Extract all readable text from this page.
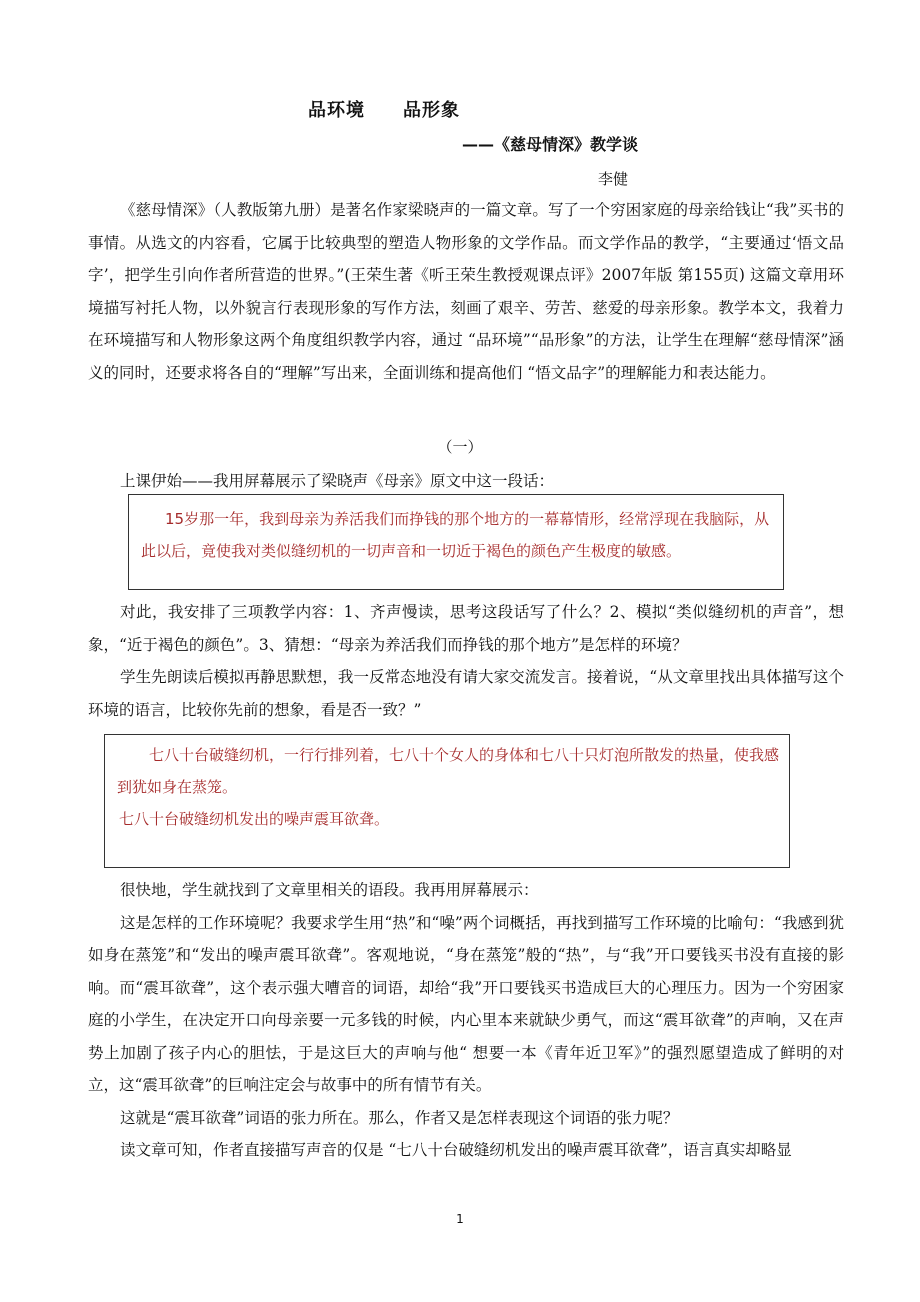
品环境　　品形象
——《慈母情深》教学谈
李健

《慈母情深》（人教版第九册）是著名作家梁晓声的一篇文章。写了一个穷困家庭的母亲给钱让“我”买书的事情。从选文的内容看，它属于比较典型的塑造人物形象的文学作品。而文学作品的教学，“主要通过‘悟文品字’，把学生引向作者所营造的世界。”(王荣生著《听王荣生教授观课点评》2007年版 第155页) 这篇文章用环境描写衬托人物，以外貌言行表现形象的写作方法，刻画了艰辛、劳苦、慈爱的母亲形象。教学本文，我着力在环境描写和人物形象这两个角度组织教学内容，通过 “品环境”“品形象”的方法，让学生在理解“慈母情深”涵义的同时，还要求将各自的“理解”写出来，全面训练和提高他们 “悟文品字”的理解能力和表达能力。

（一）

上课伊始——我用屏幕展示了梁晓声《母亲》原文中这一段话：

15岁那一年，我到母亲为养活我们而挣钱的那个地方的一幕幕情形，经常浮现在我脑际，从此以后，竟使我对类似缝纫机的一切声音和一切近于褐色的颜色产生极度的敏感。

对此，我安排了三项教学内容：1、齐声慢读，思考这段话写了什么？2、模拟“类似缝纫机的声音”，想象，“近于褐色的颜色”。3、猜想：“母亲为养活我们而挣钱的那个地方”是怎样的环境？

学生先朗读后模拟再静思默想，我一反常态地没有请大家交流发言。接着说，“从文章里找出具体描写这个环境的语言，比较你先前的想象，看是否一致？”

七八十台破缝纫机，一行行排列着，七八十个女人的身体和七八十只灯泡所散发的热量，使我感到犹如身在蒸笼。
七八十台破缝纫机发出的噪声震耳欲聋。

很快地，学生就找到了文章里相关的语段。我再用屏幕展示：

这是怎样的工作环境呢？我要求学生用“热”和“噪”两个词概括，再找到描写工作环境的比喻句：“我感到犹如身在蒸笼”和“发出的噪声震耳欲聋”。客观地说，“身在蒸笼”般的“热”，与“我”开口要钱买书没有直接的影响。而“震耳欲聋”，这个表示强大嘈音的词语，却给“我”开口要钱买书造成巨大的心理压力。因为一个穷困家庭的小学生，在决定开口向母亲要一元多钱的时候，内心里本来就缺少勇气，而这“震耳欲聋”的声响，又在声势上加剧了孩子内心的胆怯，于是这巨大的声响与他“ 想要一本《青年近卫军》”的强烈愿望造成了鲜明的对立，这“震耳欲聋”的巨响注定会与故事中的所有情节有关。

这就是“震耳欲聋”词语的张力所在。那么，作者又是怎样表现这个词语的张力呢？

读文章可知，作者直接描写声音的仅是 “七八十台破缝纫机发出的噪声震耳欲聋”，语言真实却略显

1
